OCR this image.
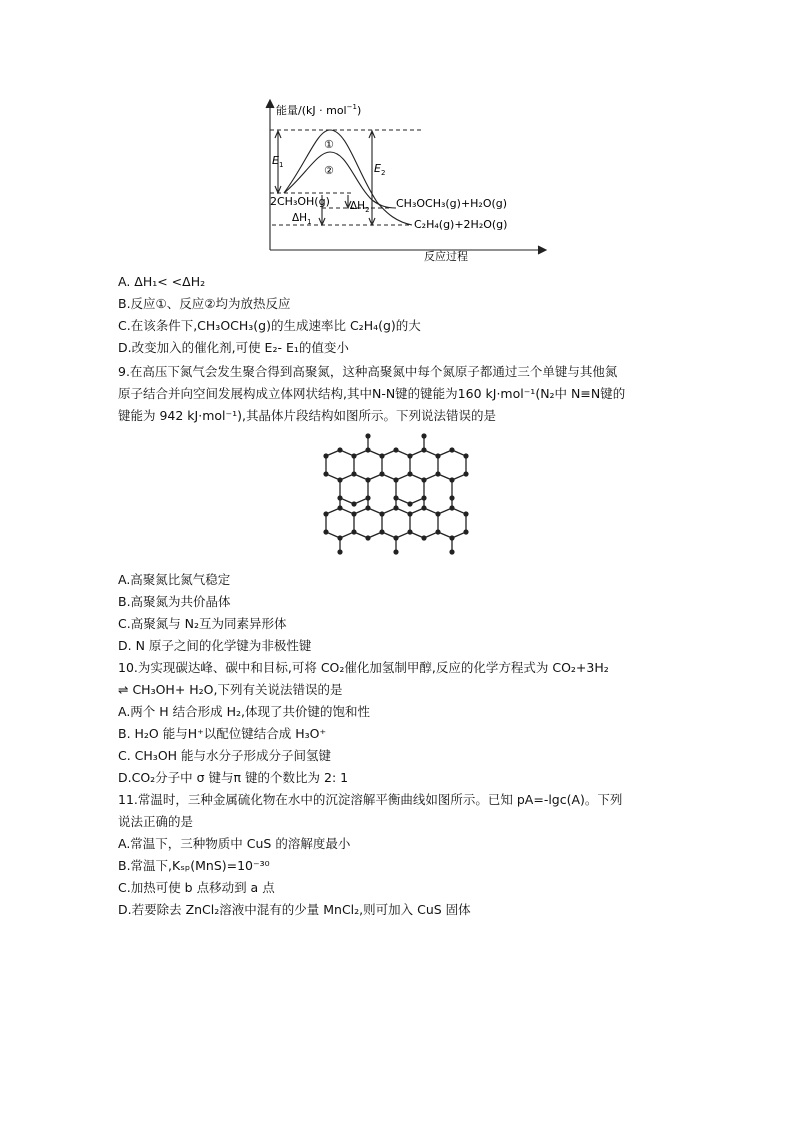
能量/(kJ · mol$^{-1}$)
①
②
$E_1$	$E_2$
2CH₃OH(g) $\Delta H_2$
$\Delta H_1$
CH₃OCH₃(g)+H₂O(g)
C₂H₄(g)+2H₂O(g)
反应过程
A. ΔH₁< <ΔH₂
B.反应①、反应②均为放热反应
C.在该条件下,CH₃OCH₃(g)的生成速率比 C₂H₄(g)的大
D.改变加入的催化剂,可使 E₂- E₁的值变小
9.在高压下氮气会发生聚合得到高聚氮，这种高聚氮中每个氮原子都通过三个单键与其他氮
原子结合并向空间发展构成立体网状结构,其中N-N键的键能为160 kJ·mol⁻¹(N₂中 N≡N键的
键能为 942 kJ·mol⁻¹),其晶体片段结构如图所示。下列说法错误的是
A.高聚氮比氮气稳定
B.高聚氮为共价晶体
C.高聚氮与 N₂互为同素异形体
D. N 原子之间的化学键为非极性键
10.为实现碳达峰、碳中和目标,可将 CO₂催化加氢制甲醇,反应的化学方程式为 CO₂+3H₂
⇌ CH₃OH+ H₂O,下列有关说法错误的是
A.两个 H 结合形成 H₂,体现了共价键的饱和性
B. H₂O 能与H⁺以配位键结合成 H₃O⁺
C. CH₃OH 能与水分子形成分子间氢键
D.CO₂分子中 σ 键与π 键的个数比为 2: 1
11.常温时，三种金属硫化物在水中的沉淀溶解平衡曲线如图所示。已知 pA=-lgc(A)。下列
说法正确的是
A.常温下，三种物质中 CuS 的溶解度最小
B.常温下,Kₛₚ(MnS)=10⁻³⁰
C.加热可使 b 点移动到 a 点
D.若要除去 ZnCl₂溶液中混有的少量 MnCl₂,则可加入 CuS 固体
